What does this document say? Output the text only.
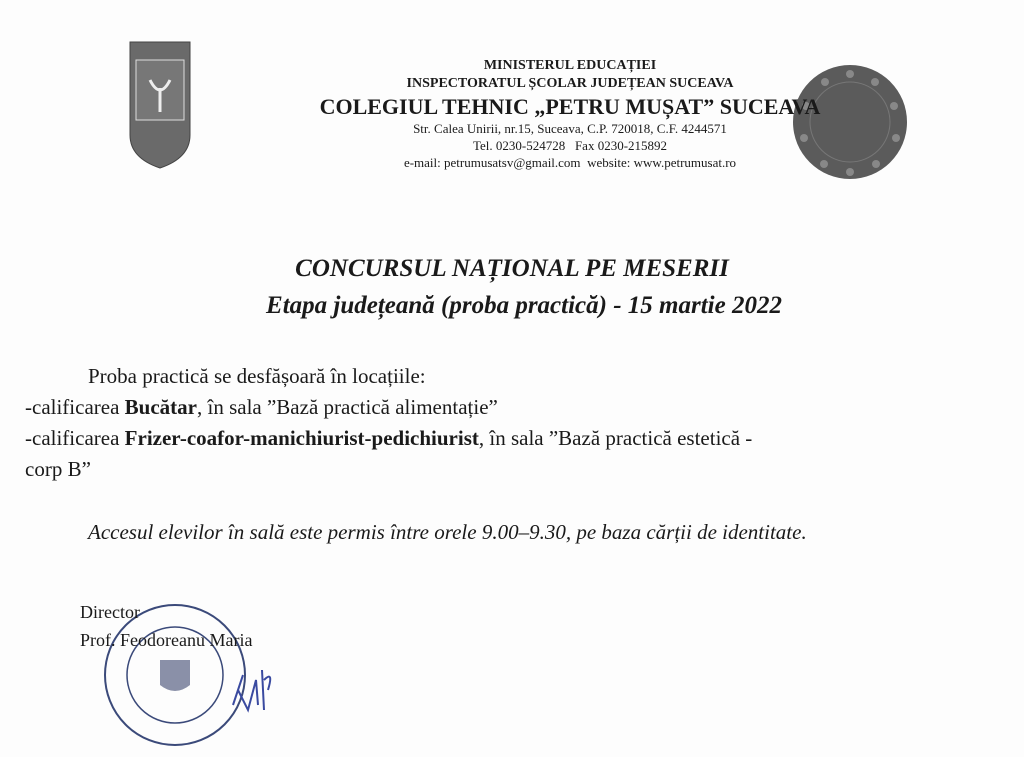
MINISTERUL EDUCAȚIEI
INSPECTORATUL ȘCOLAR JUDEȚEAN SUCEAVA
COLEGIUL TEHNIC „PETRU MUȘAT” SUCEAVA
Str. Calea Unirii, nr.15, Suceava, C.P. 720018, C.F. 4244571
Tel. 0230-524728   Fax 0230-215892
e-mail: petrumusatsv@gmail.com website: www.petrumusat.ro
CONCURSUL NAȚIONAL PE MESERII
Etapa județeană (proba practică) - 15 martie 2022
Proba practică se desfășoară în locațiile:
-calificarea Bucătar, în sala ”Bază practică alimentație”
-calificarea Frizer-coafor-manichiurist-pedichiurist, în sala ”Bază practică estetică -
corp B”
Accesul elevilor în sală este permis între orele 9.00–9.30, pe baza cărții de identitate.
Director
Prof. Feodoreanu Maria
